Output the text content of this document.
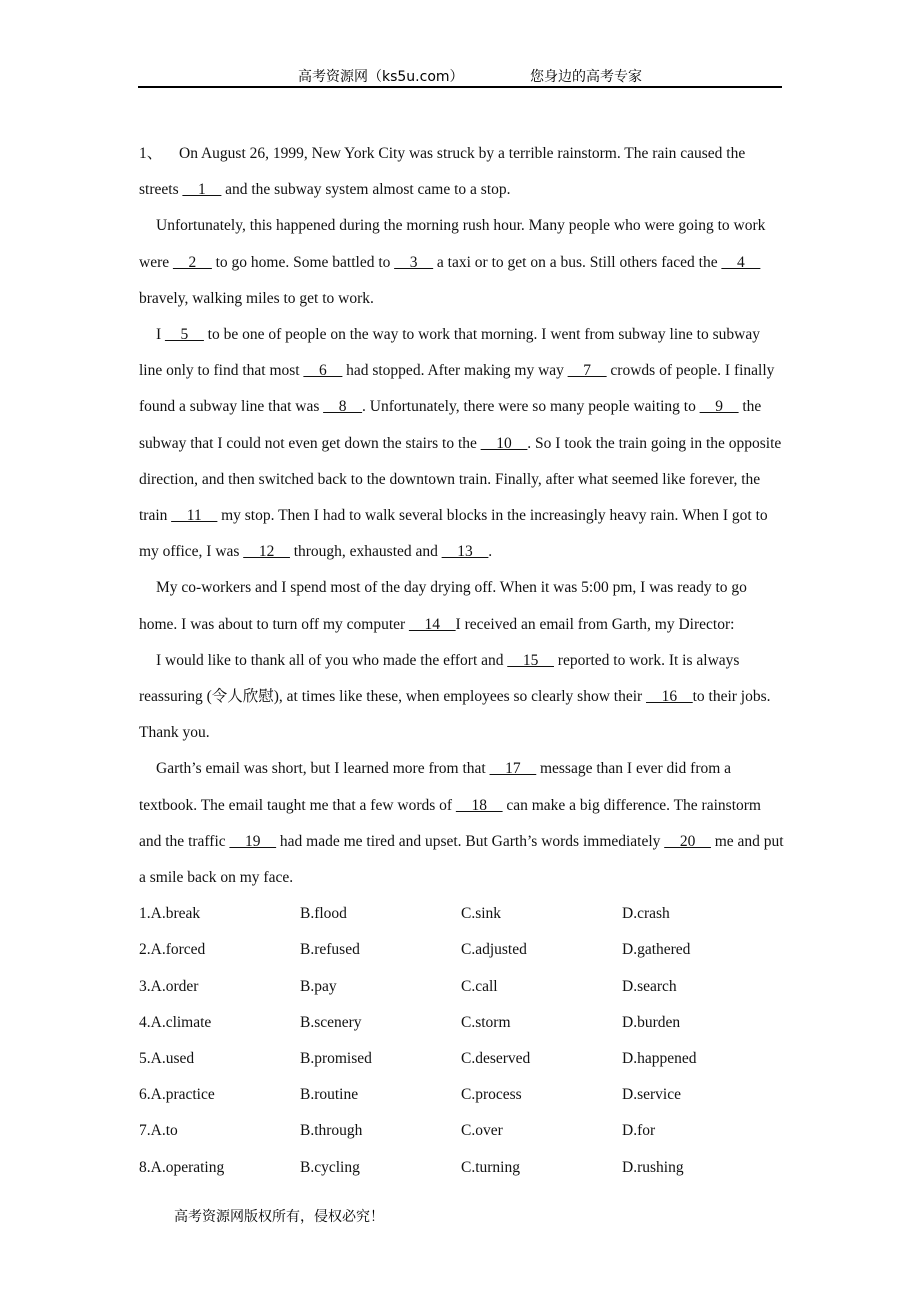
高考资源网（ks5u.com）	您身边的高考专家

1、 On August 26, 1999, New York City was struck by a terrible rainstorm. The rain caused the streets __1__ and the subway system almost came to a stop.

Unfortunately, this happened during the morning rush hour. Many people who were going to work were __2__ to go home. Some battled to __3__ a taxi or to get on a bus. Still others faced the __4__ bravely, walking miles to get to work.

I __5__ to be one of people on the way to work that morning. I went from subway line to subway line only to find that most __6__ had stopped. After making my way __7__ crowds of people. I finally found a subway line that was __8__. Unfortunately, there were so many people waiting to __9__ the subway that I could not even get down the stairs to the __10__. So I took the train going in the opposite direction, and then switched back to the downtown train. Finally, after what seemed like forever, the train __11__ my stop. Then I had to walk several blocks in the increasingly heavy rain. When I got to my office, I was __12__ through, exhausted and __13__.

My co-workers and I spend most of the day drying off. When it was 5:00 pm, I was ready to go home. I was about to turn off my computer __14__I received an email from Garth, my Director:

I would like to thank all of you who made the effort and __15__ reported to work. It is always reassuring (令人欣慰), at times like these, when employees so clearly show their __16__to their jobs. Thank you.

Garth’s email was short, but I learned more from that __17__ message than I ever did from a textbook. The email taught me that a few words of __18__ can make a big difference. The rainstorm and the traffic __19__ had made me tired and upset. But Garth’s words immediately __20__ me and put a smile back on my face.

1.A.break	B.flood	C.sink	D.crash
2.A.forced	B.refused	C.adjusted	D.gathered
3.A.order	B.pay	C.call	D.search
4.A.climate	B.scenery	C.storm	D.burden
5.A.used	B.promised	C.deserved	D.happened
6.A.practice	B.routine	C.process	D.service
7.A.to	B.through	C.over	D.for
8.A.operating	B.cycling	C.turning	D.rushing
高考资源网版权所有，侵权必究！
